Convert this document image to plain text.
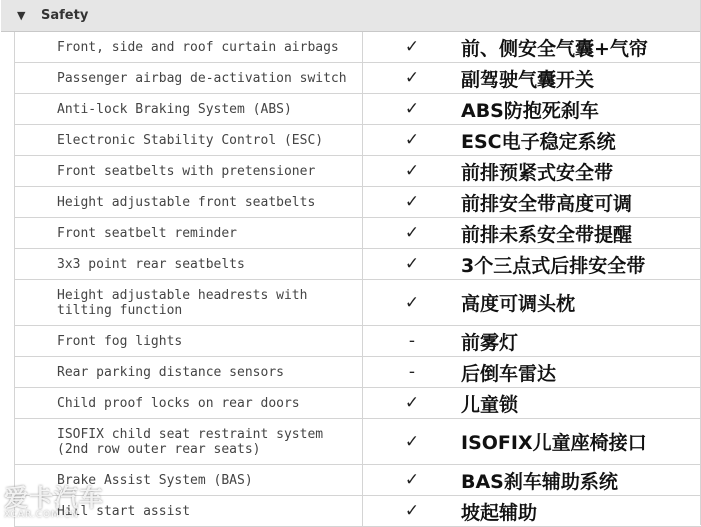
▼	Safety
Front, side and roof curtain airbags	✓	前、侧安全气囊+气帘
Passenger airbag de-activation switch	✓	副驾驶气囊开关
Anti-lock Braking System (ABS)	✓	ABS防抱死刹车
Electronic Stability Control (ESC)	✓	ESC电子稳定系统
Front seatbelts with pretensioner	✓	前排预紧式安全带
Height adjustable front seatbelts	✓	前排安全带高度可调
Front seatbelt reminder	✓	前排未系安全带提醒
3x3 point rear seatbelts	✓	3个三点式后排安全带
Height adjustable headrests with tilting function	✓	高度可调头枕
Front fog lights	-	前雾灯
Rear parking distance sensors	-	后倒车雷达
Child proof locks on rear doors	✓	儿童锁
ISOFIX child seat restraint system (2nd row outer rear seats)	✓	ISOFIX儿童座椅接口
Brake Assist System (BAS)	✓	BAS刹车辅助系统
Hill start assist	✓	坡起辅助
爱卡汽车
XCAR.COM.CN
